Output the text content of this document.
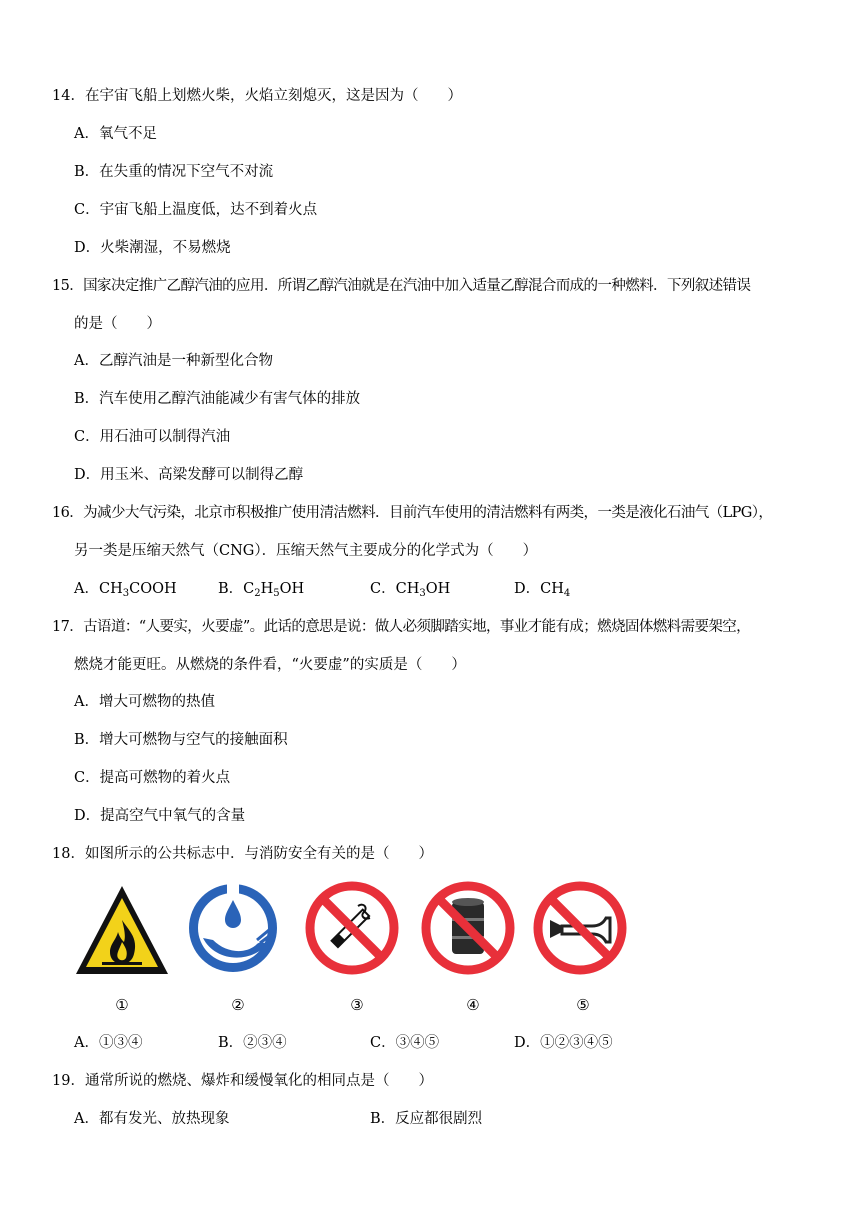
14．在宇宙飞船上划燃火柴，火焰立刻熄灭，这是因为（　　）
A．氧气不足
B．在失重的情况下空气不对流
C．宇宙飞船上温度低，达不到着火点
D．火柴潮湿，不易燃烧
15．国家决定推广乙醇汽油的应用．所谓乙醇汽油就是在汽油中加入适量乙醇混合而成的一种燃料．下列叙述错误
的是（　　）
A．乙醇汽油是一种新型化合物
B．汽车使用乙醇汽油能减少有害气体的排放
C．用石油可以制得汽油
D．用玉米、高梁发酵可以制得乙醇
16．为减少大气污染，北京市积极推广使用清洁燃料．目前汽车使用的清洁燃料有两类，一类是液化石油气（LPG），
另一类是压缩天然气（CNG）．压缩天然气主要成分的化学式为（　　）
A．$CH_3COOH$	B．$C_2H_5OH$	C．$CH_3OH$	D．$CH_4$
17．古语道：“人要实，火要虚”。此话的意思是说：做人必须脚踏实地，事业才能有成；燃烧固体燃料需要架空，
燃烧才能更旺。从燃烧的条件看，“火要虚”的实质是（　　）
A．增大可燃物的热值
B．增大可燃物与空气的接触面积
C．提高可燃物的着火点
D．提高空气中氧气的含量
18．如图所示的公共标志中．与消防安全有关的是（　　）
①	②	③	④	⑤
A．①③④	B．②③④	C．③④⑤	D．①②③④⑤
19．通常所说的燃烧、爆炸和缓慢氧化的相同点是（　　）
A．都有发光、放热现象	B．反应都很剧烈
